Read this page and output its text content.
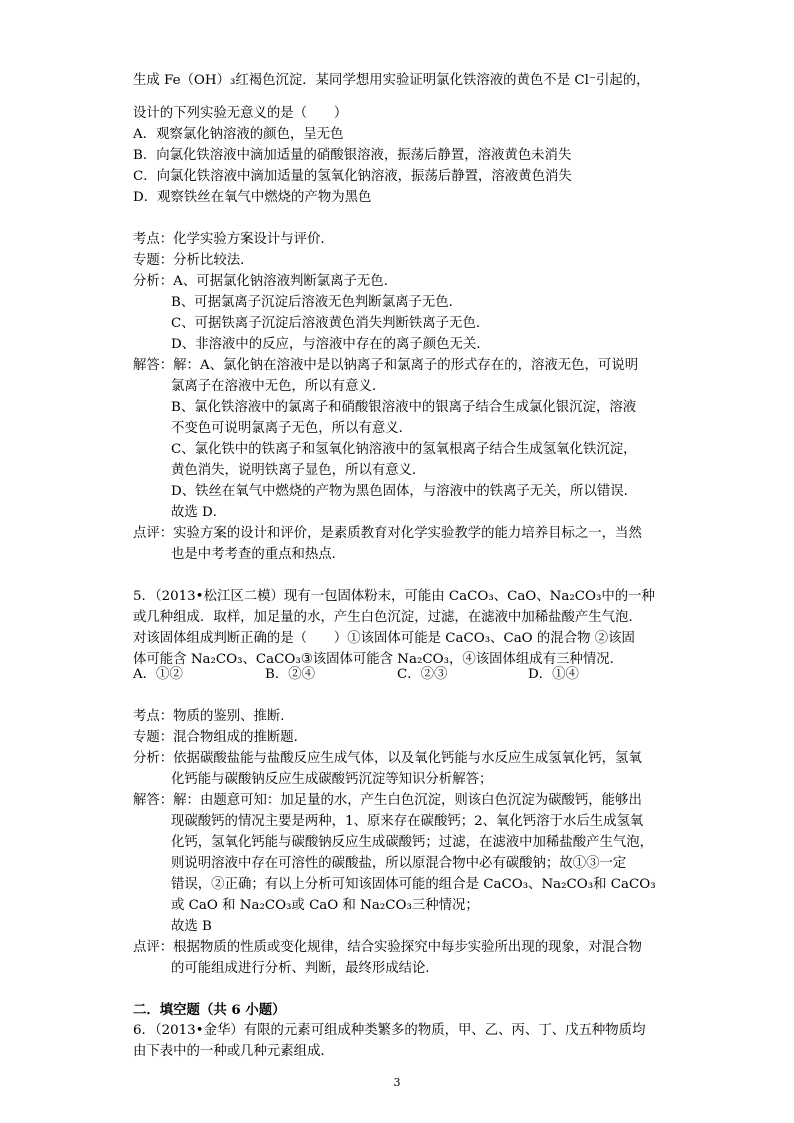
生成 Fe（OH）₃红褐色沉淀．某同学想用实验证明氯化铁溶液的黄色不是 Cl⁻引起的，
设计的下列实验无意义的是（　　）
A．观察氯化钠溶液的颜色，呈无色
B．向氯化铁溶液中滴加适量的硝酸银溶液，振荡后静置，溶液黄色未消失
C．向氯化铁溶液中滴加适量的氢氧化钠溶液，振荡后静置，溶液黄色消失
D．观察铁丝在氧气中燃烧的产物为黑色
考点：化学实验方案设计与评价．
专题：分析比较法．
分析：A、可据氯化钠溶液判断氯离子无色．
B、可据氯离子沉淀后溶液无色判断氯离子无色．
C、可据铁离子沉淀后溶液黄色消失判断铁离子无色．
D、非溶液中的反应，与溶液中存在的离子颜色无关．
解答：解：A、氯化钠在溶液中是以钠离子和氯离子的形式存在的，溶液无色，可说明
氯离子在溶液中无色，所以有意义．
B、氯化铁溶液中的氯离子和硝酸银溶液中的银离子结合生成氯化银沉淀，溶液
不变色可说明氯离子无色，所以有意义．
C、氯化铁中的铁离子和氢氧化钠溶液中的氢氧根离子结合生成氢氧化铁沉淀，
黄色消失，说明铁离子显色，所以有意义．
D、铁丝在氧气中燃烧的产物为黑色固体，与溶液中的铁离子无关，所以错误．
故选 D．
点评：实验方案的设计和评价，是素质教育对化学实验教学的能力培养目标之一，当然
也是中考考查的重点和热点．
5．（2013•松江区二模）现有一包固体粉末，可能由 CaCO₃、CaO、Na₂CO₃中的一种
或几种组成．取样，加足量的水，产生白色沉淀，过滤，在滤液中加稀盐酸产生气泡．
对该固体组成判断正确的是（　　）①该固体可能是 CaCO₃、CaO 的混合物 ②该固
体可能含 Na₂CO₃、CaCO₃③该固体可能含 Na₂CO₃，④该固体组成有三种情况．
A．①②	B．②④	C．②③	D．①④
考点：物质的鉴别、推断．
专题：混合物组成的推断题．
分析：依据碳酸盐能与盐酸反应生成气体，以及氧化钙能与水反应生成氢氧化钙，氢氧
化钙能与碳酸钠反应生成碳酸钙沉淀等知识分析解答；
解答：解：由题意可知：加足量的水，产生白色沉淀，则该白色沉淀为碳酸钙，能够出
现碳酸钙的情况主要是两种，1、原来存在碳酸钙；2、氧化钙溶于水后生成氢氧
化钙，氢氧化钙能与碳酸钠反应生成碳酸钙；过滤，在滤液中加稀盐酸产生气泡，
则说明溶液中存在可溶性的碳酸盐，所以原混合物中必有碳酸钠；故①③一定
错误，②正确；有以上分析可知该固体可能的组合是 CaCO₃、Na₂CO₃和 CaCO₃
或 CaO 和 Na₂CO₃或 CaO 和 Na₂CO₃三种情况；
故选 B
点评：根据物质的性质或变化规律，结合实验探究中每步实验所出现的现象，对混合物
的可能组成进行分析、判断，最终形成结论．
二．填空题（共 6 小题）
6．（2013•金华）有限的元素可组成种类繁多的物质，甲、乙、丙、丁、戊五种物质均
由下表中的一种或几种元素组成．
3
